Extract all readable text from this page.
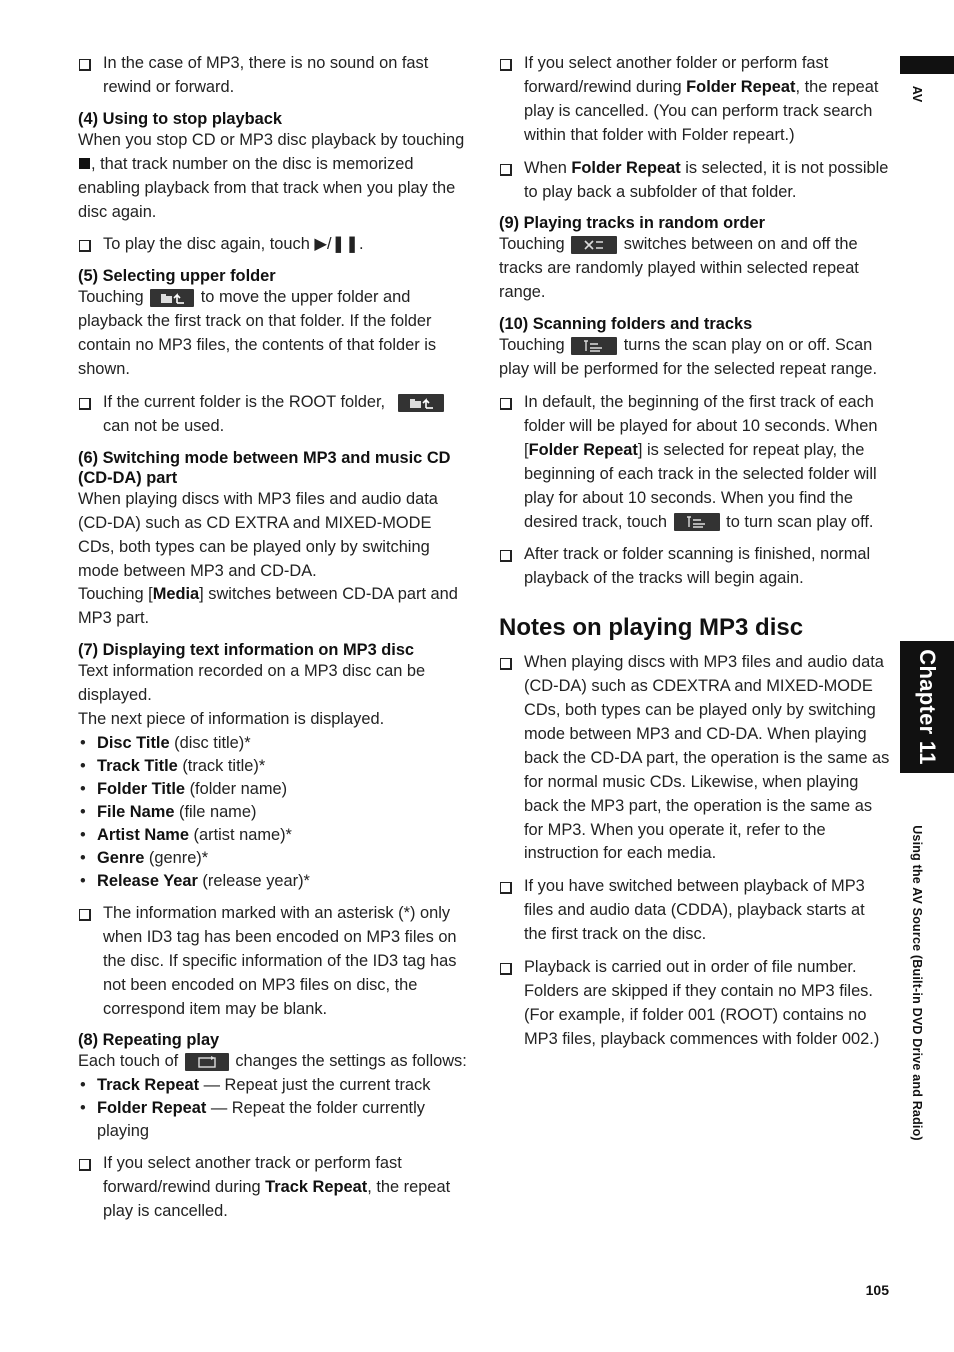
AV
Chapter 11
Using the AV Source (Built-in DVD Drive and Radio)

In the case of MP3, there is no sound on fast rewind or forward.

(4) Using to stop playback

When you stop CD or MP3 disc playback by touching , that track number on the disc is memorized enabling playback from that track when you play the disc again.

To play the disc again, touch ▶/❚❚.

(5) Selecting upper folder

Touching	to move the upper folder and playback the first track on that folder. If the folder contain no MP3 files, the contents of that folder is shown.

If the current folder is the ROOT folder,
can not be used.

(6) Switching mode between MP3 and music CD (CD-DA) part

When playing discs with MP3 files and audio data (CD-DA) such as CD EXTRA and MIXED-MODE CDs, both types can be played only by switching mode between MP3 and CD-DA.

Touching [Media] switches between CD-DA part and MP3 part.

(7) Displaying text information on MP3 disc

Text information recorded on a MP3 disc can be displayed.

The next piece of information is displayed.

• Disc Title (disc title)*
• Track Title (track title)*
• Folder Title (folder name)
• File Name (file name)
• Artist Name (artist name)*
• Genre (genre)*
• Release Year (release year)*

The information marked with an asterisk (*) only when ID3 tag has been encoded on MP3 files on the disc. If specific information of the ID3 tag has not been encoded on MP3 files on disc, the correspond item may be blank.

(8) Repeating play

Each touch of	changes the settings as follows:

• Track Repeat — Repeat just the current track
• Folder Repeat — Repeat the folder currently playing

If you select another track or perform fast forward/rewind during Track Repeat, the repeat play is cancelled.

If you select another folder or perform fast forward/rewind during Folder Repeat, the repeat play is cancelled. (You can perform track search within that folder with Folder repeart.)

When Folder Repeat is selected, it is not possible to play back a subfolder of that folder.

(9) Playing tracks in random order

Touching	switches between on and off the tracks are randomly played within selected repeat range.

(10) Scanning folders and tracks

Touching	turns the scan play on or off. Scan play will be performed for the selected repeat range.

In default, the beginning of the first track of each folder will be played for about 10 seconds. When [Folder Repeat] is selected for repeat play, the beginning of each track in the selected folder will play for about 10 seconds. When you find the desired track, touch	to turn scan play off.

After track or folder scanning is finished, normal playback of the tracks will begin again.

Notes on playing MP3 disc

When playing discs with MP3 files and audio data (CD-DA) such as CDEXTRA and MIXED-MODE CDs, both types can be played only by switching mode between MP3 and CD-DA. When playing back the CD-DA part, the operation is the same as for normal music CDs. Likewise, when playing back the MP3 part, the operation is the same as for MP3. When you operate it, refer to the instruction for each media.

If you have switched between playback of MP3 files and audio data (CDDA), playback starts at the first track on the disc.

Playback is carried out in order of file number. Folders are skipped if they contain no MP3 files. (For example, if folder 001 (ROOT) contains no MP3 files, playback commences with folder 002.)

105
